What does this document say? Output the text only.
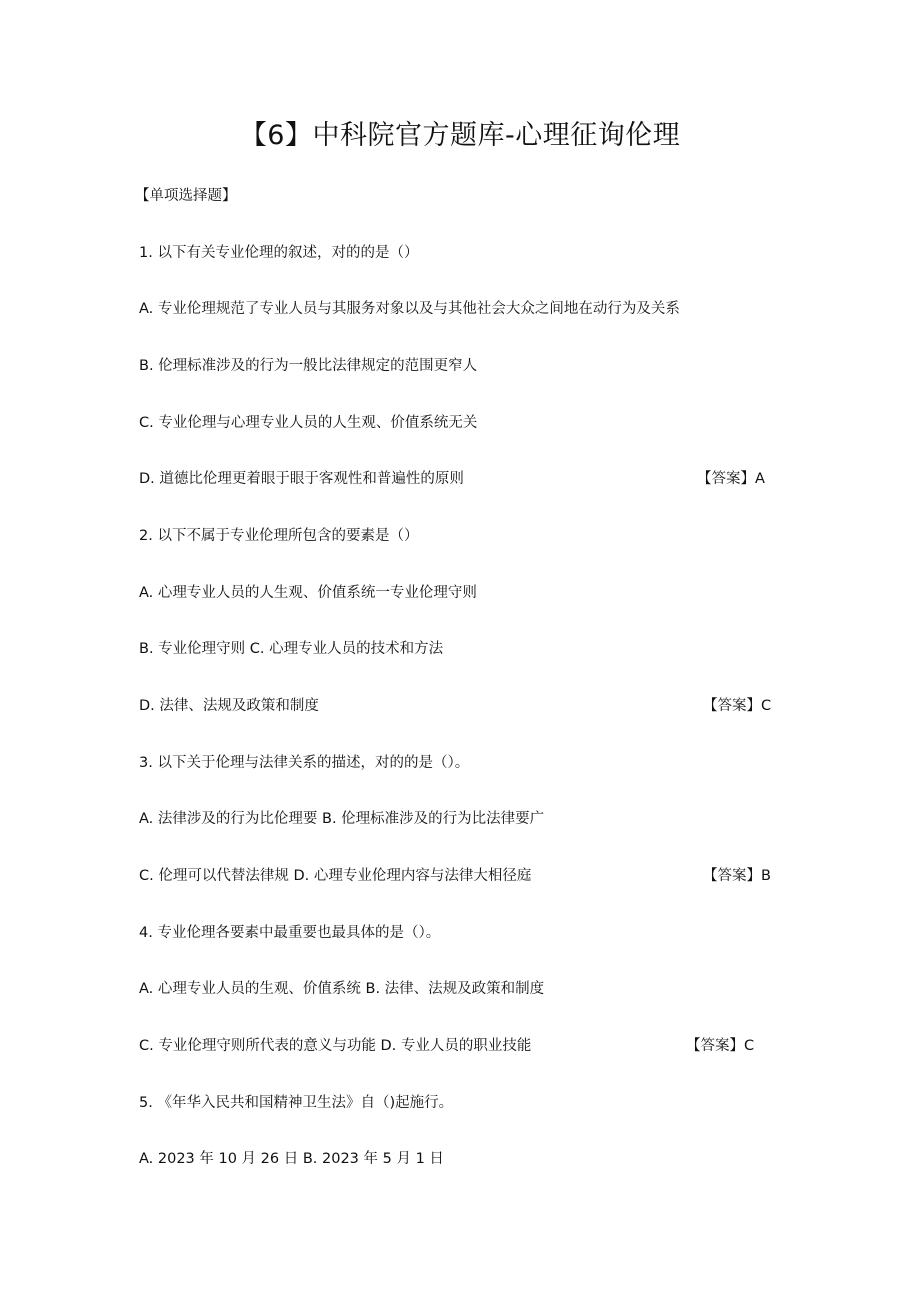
【6】中科院官方题库-心理征询伦理
【单项选择题】
1. 以下有关专业伦理的叙述，对的的是（）
A. 专业伦理规范了专业人员与其服务对象以及与其他社会大众之间地在动行为及关系
B. 伦理标准涉及的行为一般比法律规定的范围更窄人
C. 专业伦理与心理专业人员的人生观、价值系统无关
D. 道德比伦理更着眼于眼于客观性和普遍性的原则	【答案】A
2. 以下不属于专业伦理所包含的要素是（）
A. 心理专业人员的人生观、价值系统一专业伦理守则
B. 专业伦理守则 C. 心理专业人员的技术和方法
D. 法律、法规及政策和制度	【答案】C
3. 以下关于伦理与法律关系的描述，对的的是（）。
A. 法律涉及的行为比伦理要 B. 伦理标准涉及的行为比法律要广
C. 伦理可以代替法律规 D. 心理专业伦理内容与法律大相径庭	【答案】B
4. 专业伦理各要素中最重要也最具体的是（）。
A. 心理专业人员的生观、价值系统 B. 法律、法规及政策和制度
C. 专业伦理守则所代表的意义与功能 D. 专业人员的职业技能	【答案】C
5. 《年华入民共和国精神卫生法》自（)起施行。
A. 2023 年 10 月 26 日 B. 2023 年 5 月 1 日
